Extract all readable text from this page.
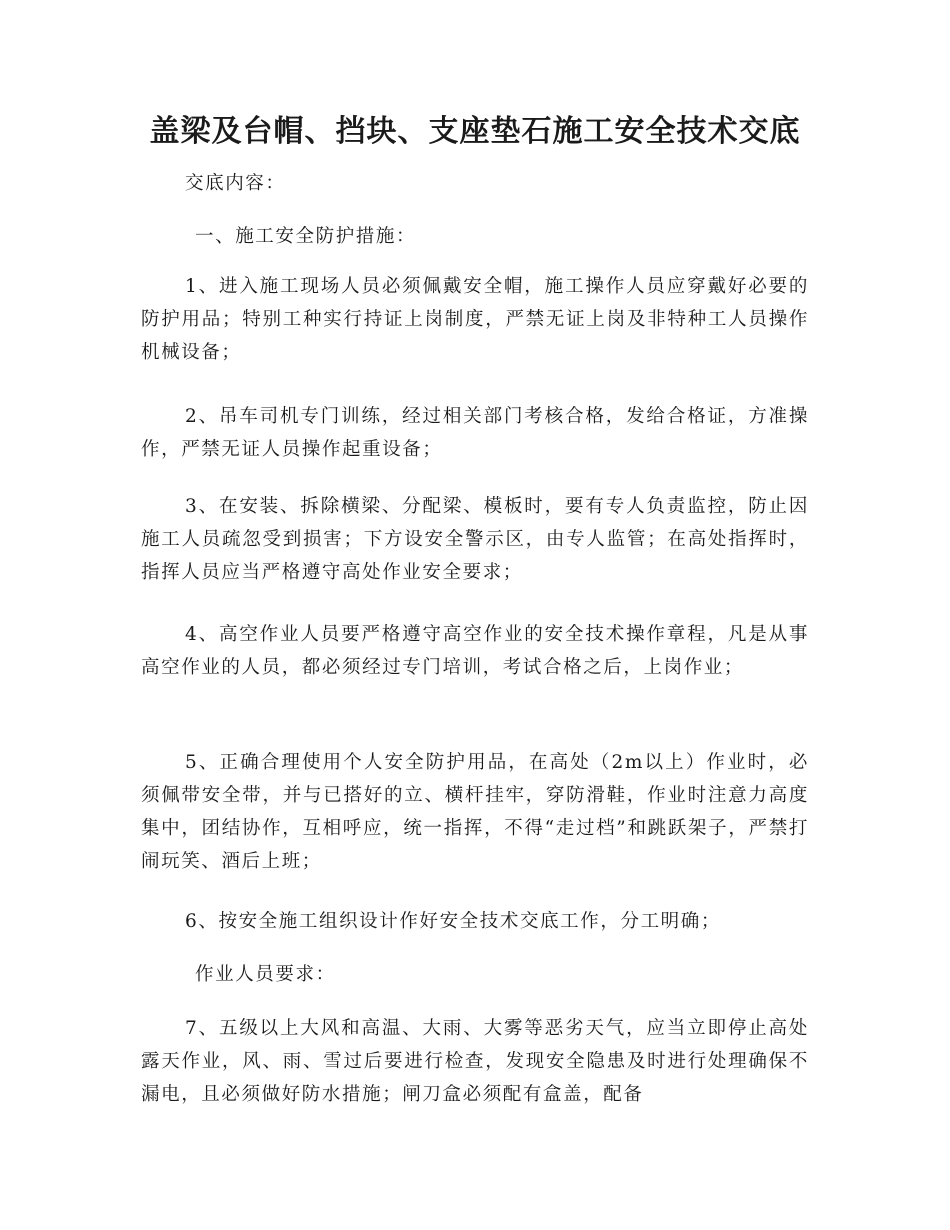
盖梁及台帽、挡块、支座垫石施工安全技术交底

交底内容：

一、施工安全防护措施：

1、进入施工现场人员必须佩戴安全帽，施工操作人员应穿戴好必要的防护用品；特别工种实行持证上岗制度，严禁无证上岗及非特种工人员操作机械设备；

2、吊车司机专门训练，经过相关部门考核合格，发给合格证，方准操作，严禁无证人员操作起重设备；

3、在安装、拆除横梁、分配梁、模板时，要有专人负责监控，防止因施工人员疏忽受到损害；下方设安全警示区，由专人监管；在高处指挥时，指挥人员应当严格遵守高处作业安全要求；

4、高空作业人员要严格遵守高空作业的安全技术操作章程，凡是从事高空作业的人员，都必须经过专门培训，考试合格之后，上岗作业；

5、正确合理使用个人安全防护用品，在高处（2m以上）作业时，必须佩带安全带，并与已搭好的立、横杆挂牢，穿防滑鞋，作业时注意力高度集中，团结协作，互相呼应，统一指挥，不得“走过档”和跳跃架子，严禁打闹玩笑、酒后上班；

6、按安全施工组织设计作好安全技术交底工作，分工明确；

作业人员要求：

7、五级以上大风和高温、大雨、大雾等恶劣天气，应当立即停止高处露天作业，风、雨、雪过后要进行检查，发现安全隐患及时进行处理确保不漏电，且必须做好防水措施；闸刀盒必须配有盒盖，配备
